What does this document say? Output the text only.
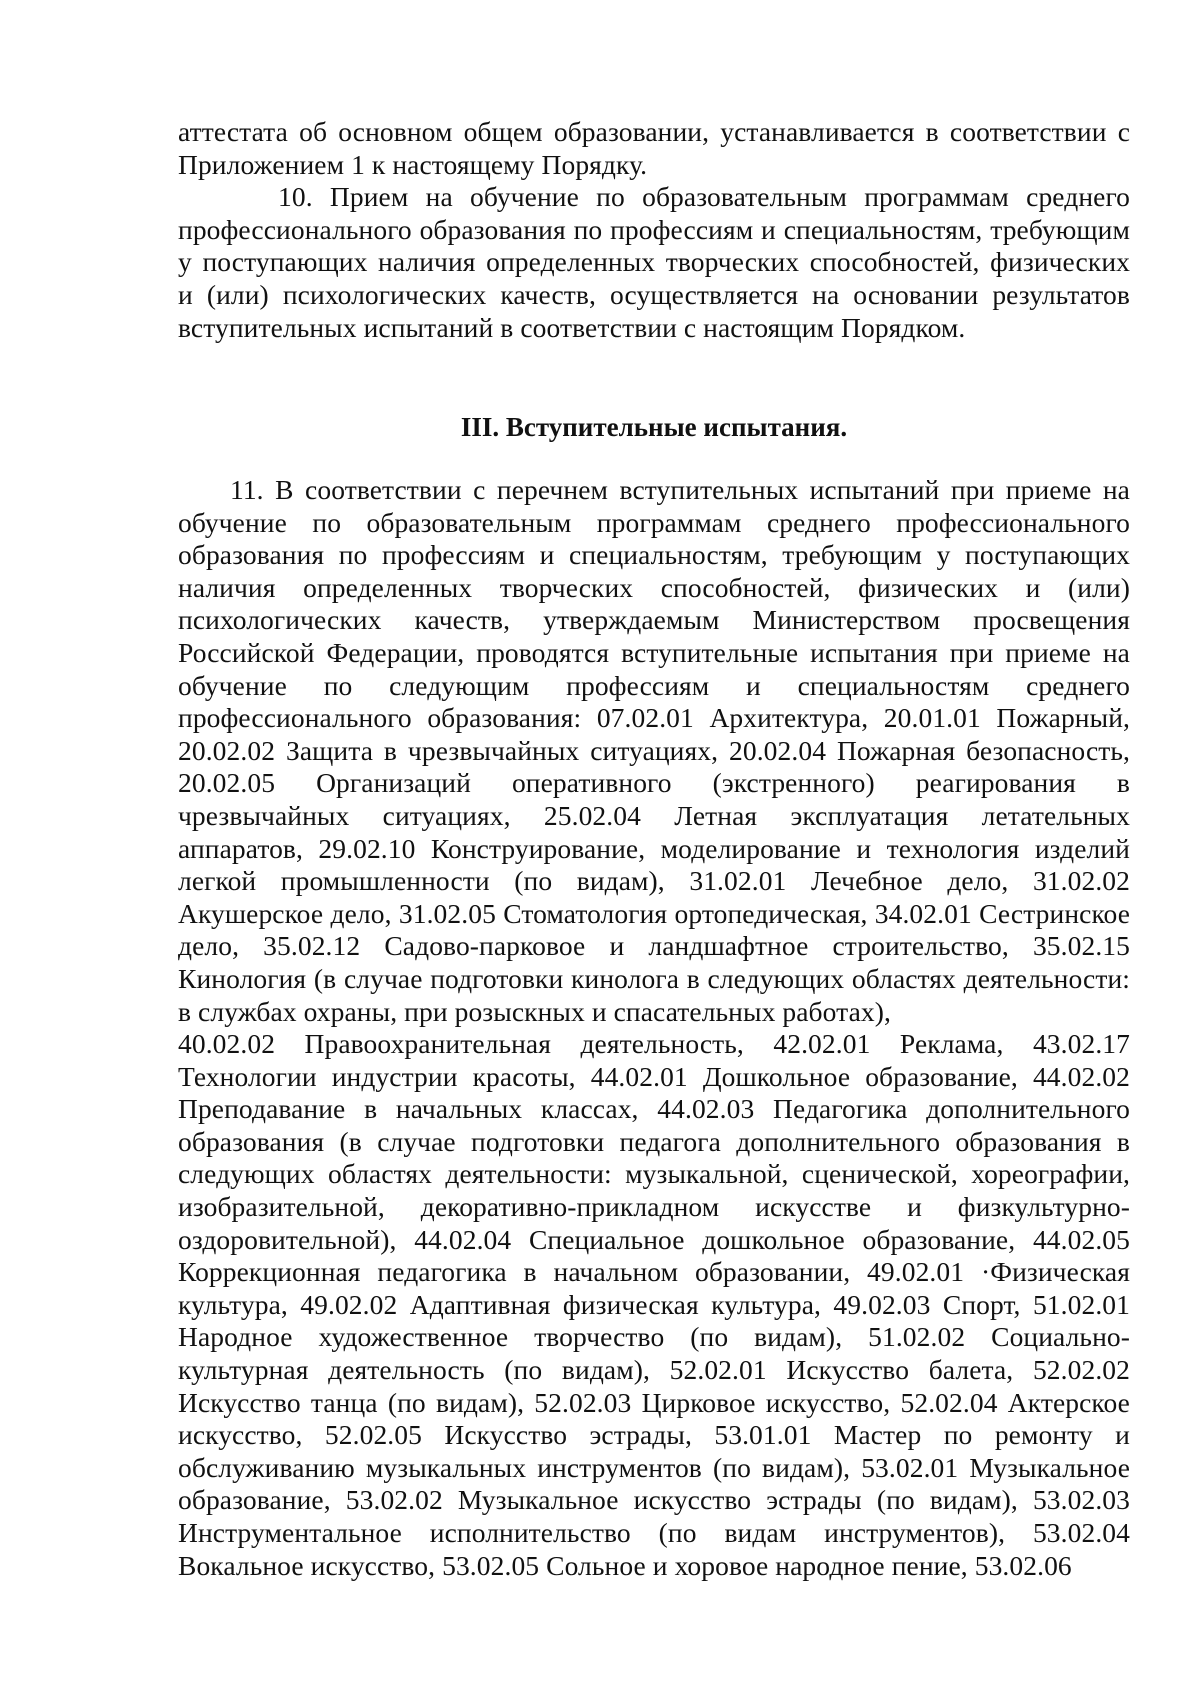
аттестата об основном общем образовании, устанавливается в соответствии с Приложением 1 к настоящему Порядку.

10. Прием на обучение по образовательным программам среднего профессионального образования по профессиям и специальностям, требующим у поступающих наличия определенных творческих способностей, физических и (или) психологических качеств, осуществляется на основании результатов вступительных испытаний в соответствии с настоящим Порядком.

III. Вступительные испытания.

11. В соответствии с перечнем вступительных испытаний при приеме на обучение по образовательным программам среднего профессионального образования по профессиям и специальностям, требующим у поступающих наличия определенных творческих способностей, физических и (или) психологических качеств, утверждаемым Министерством просвещения Российской Федерации, проводятся вступительные испытания при приеме на обучение по следующим профессиям и специальностям среднего профессионального образования: 07.02.01 Архитектура, 20.01.01 Пожарный, 20.02.02 Защита в чрезвычайных ситуациях, 20.02.04 Пожарная безопасность, 20.02.05 Организаций оперативного (экстренного) реагирования в чрезвычайных ситуациях, 25.02.04 Летная эксплуатация летательных аппаратов, 29.02.10 Конструирование, моделирование и технология изделий легкой промышленности (по видам), 31.02.01 Лечебное дело, 31.02.02 Акушерское дело, 31.02.05 Стоматология ортопедическая, 34.02.01 Сестринское дело, 35.02.12 Садово-парковое и ландшафтное строительство, 35.02.15 Кинология (в случае подготовки кинолога в следующих областях деятельности: в службах охраны, при розыскных и спасательных работах),

40.02.02 Правоохранительная деятельность, 42.02.01 Реклама, 43.02.17 Технологии индустрии красоты, 44.02.01 Дошкольное образование, 44.02.02 Преподавание в начальных классах, 44.02.03 Педагогика дополнительного образования (в случае подготовки педагога дополнительного образования в следующих областях деятельности: музыкальной, сценической, хореографии, изобразительной, декоративно-прикладном искусстве и физкультурно-оздоровительной), 44.02.04 Специальное дошкольное образование, 44.02.05 Коррекционная педагогика в начальном образовании, 49.02.01 ·Физическая культура, 49.02.02 Адаптивная физическая культура, 49.02.03 Спорт, 51.02.01 Народное художественное творчество (по видам), 51.02.02 Социально-культурная деятельность (по видам), 52.02.01 Искусство балета, 52.02.02 Искусство танца (по видам), 52.02.03 Цирковое искусство, 52.02.04 Актерское искусство, 52.02.05 Искусство эстрады, 53.01.01 Мастер по ремонту и обслуживанию музыкальных инструментов (по видам), 53.02.01 Музыкальное образование, 53.02.02 Музыкальное искусство эстрады (по видам), 53.02.03 Инструментальное исполнительство (по видам инструментов), 53.02.04 Вокальное искусство, 53.02.05 Сольное и хоровое народное пение, 53.02.06
